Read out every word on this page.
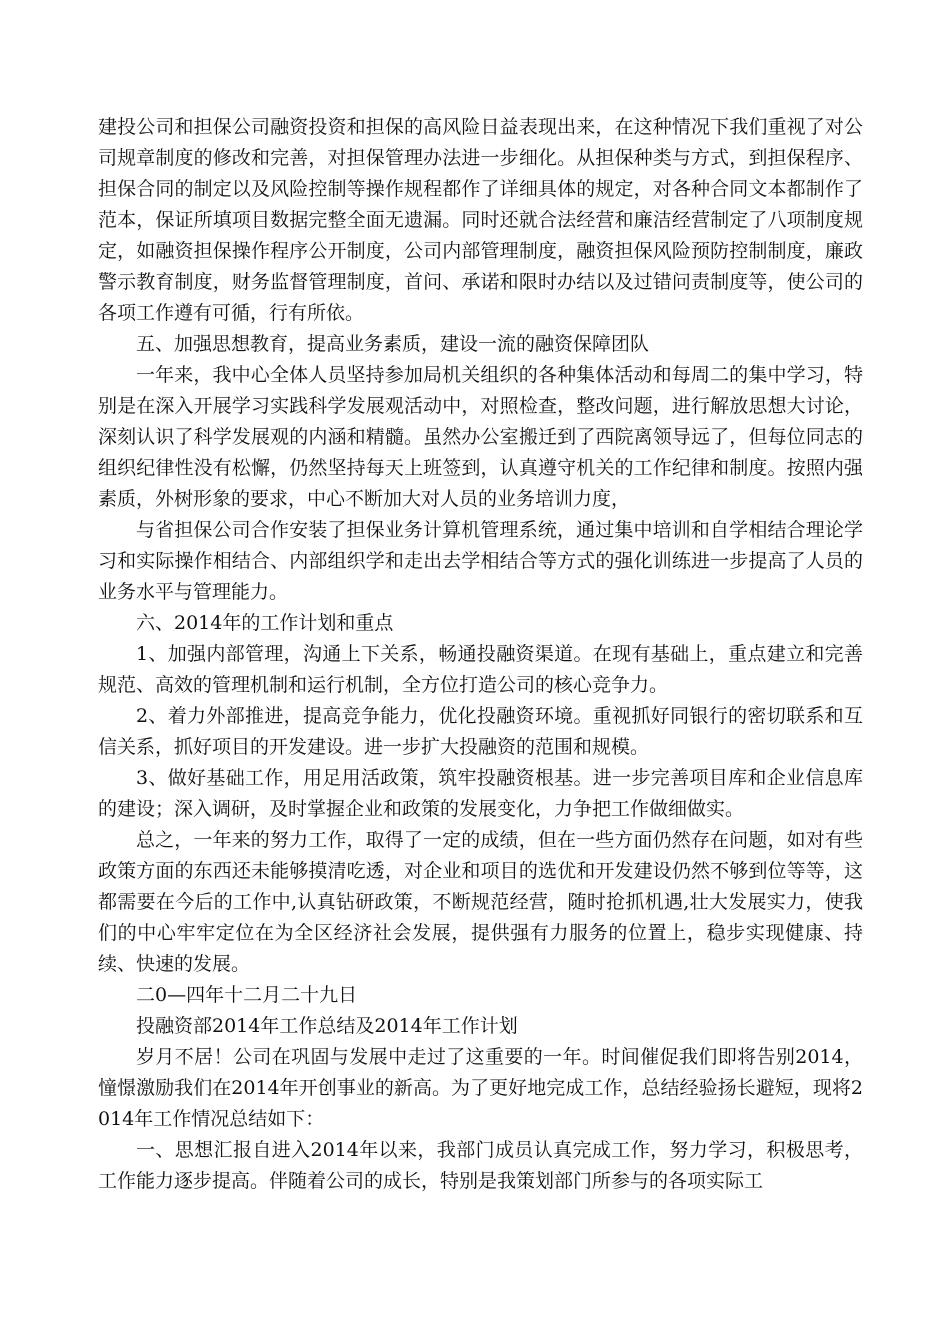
建投公司和担保公司融资投资和担保的高风险日益表现出来，在这种情况下我们重视了对公司规章制度的修改和完善，对担保管理办法进一步细化。从担保种类与方式，到担保程序、担保合同的制定以及风险控制等操作规程都作了详细具体的规定，对各种合同文本都制作了范本，保证所填项目数据完整全面无遗漏。同时还就合法经营和廉洁经营制定了八项制度规定，如融资担保操作程序公开制度，公司内部管理制度，融资担保风险预防控制制度，廉政警示教育制度，财务监督管理制度，首问、承诺和限时办结以及过错问责制度等，使公司的各项工作遵有可循，行有所依。

五、加强思想教育，提高业务素质，建设一流的融资保障团队

一年来，我中心全体人员坚持参加局机关组织的各种集体活动和每周二的集中学习，特别是在深入开展学习实践科学发展观活动中，对照检查，整改问题，进行解放思想大讨论，深刻认识了科学发展观的内涵和精髓。虽然办公室搬迁到了西院离领导远了，但每位同志的组织纪律性没有松懈，仍然坚持每天上班签到，认真遵守机关的工作纪律和制度。按照内强素质，外树形象的要求，中心不断加大对人员的业务培训力度，

与省担保公司合作安装了担保业务计算机管理系统，通过集中培训和自学相结合理论学习和实际操作相结合、内部组织学和走出去学相结合等方式的强化训练进一步提高了人员的业务水平与管理能力。

六、2014年的工作计划和重点

1、加强内部管理，沟通上下关系，畅通投融资渠道。在现有基础上，重点建立和完善规范、高效的管理机制和运行机制，全方位打造公司的核心竞争力。

2、着力外部推进，提高竞争能力，优化投融资环境。重视抓好同银行的密切联系和互信关系，抓好项目的开发建设。进一步扩大投融资的范围和规模。

3、做好基础工作，用足用活政策，筑牢投融资根基。进一步完善项目库和企业信息库的建设；深入调研，及时掌握企业和政策的发展变化，力争把工作做细做实。

总之，一年来的努力工作，取得了一定的成绩，但在一些方面仍然存在问题，如对有些政策方面的东西还未能够摸清吃透，对企业和项目的选优和开发建设仍然不够到位等等，这都需要在今后的工作中,认真钻研政策，不断规范经营，随时抢抓机遇,壮大发展实力，使我们的中心牢牢定位在为全区经济社会发展，提供强有力服务的位置上，稳步实现健康、持续、快速的发展。

二0—四年十二月二十九日

投融资部2014年工作总结及2014年工作计划

岁月不居！公司在巩固与发展中走过了这重要的一年。时间催促我们即将告别2014，憧憬激励我们在2014年开创事业的新高。为了更好地完成工作，总结经验扬长避短，现将2014年工作情况总结如下：

一、思想汇报自进入2014年以来，我部门成员认真完成工作，努力学习，积极思考，工作能力逐步提高。伴随着公司的成长，特别是我策划部门所参与的各项实际工
